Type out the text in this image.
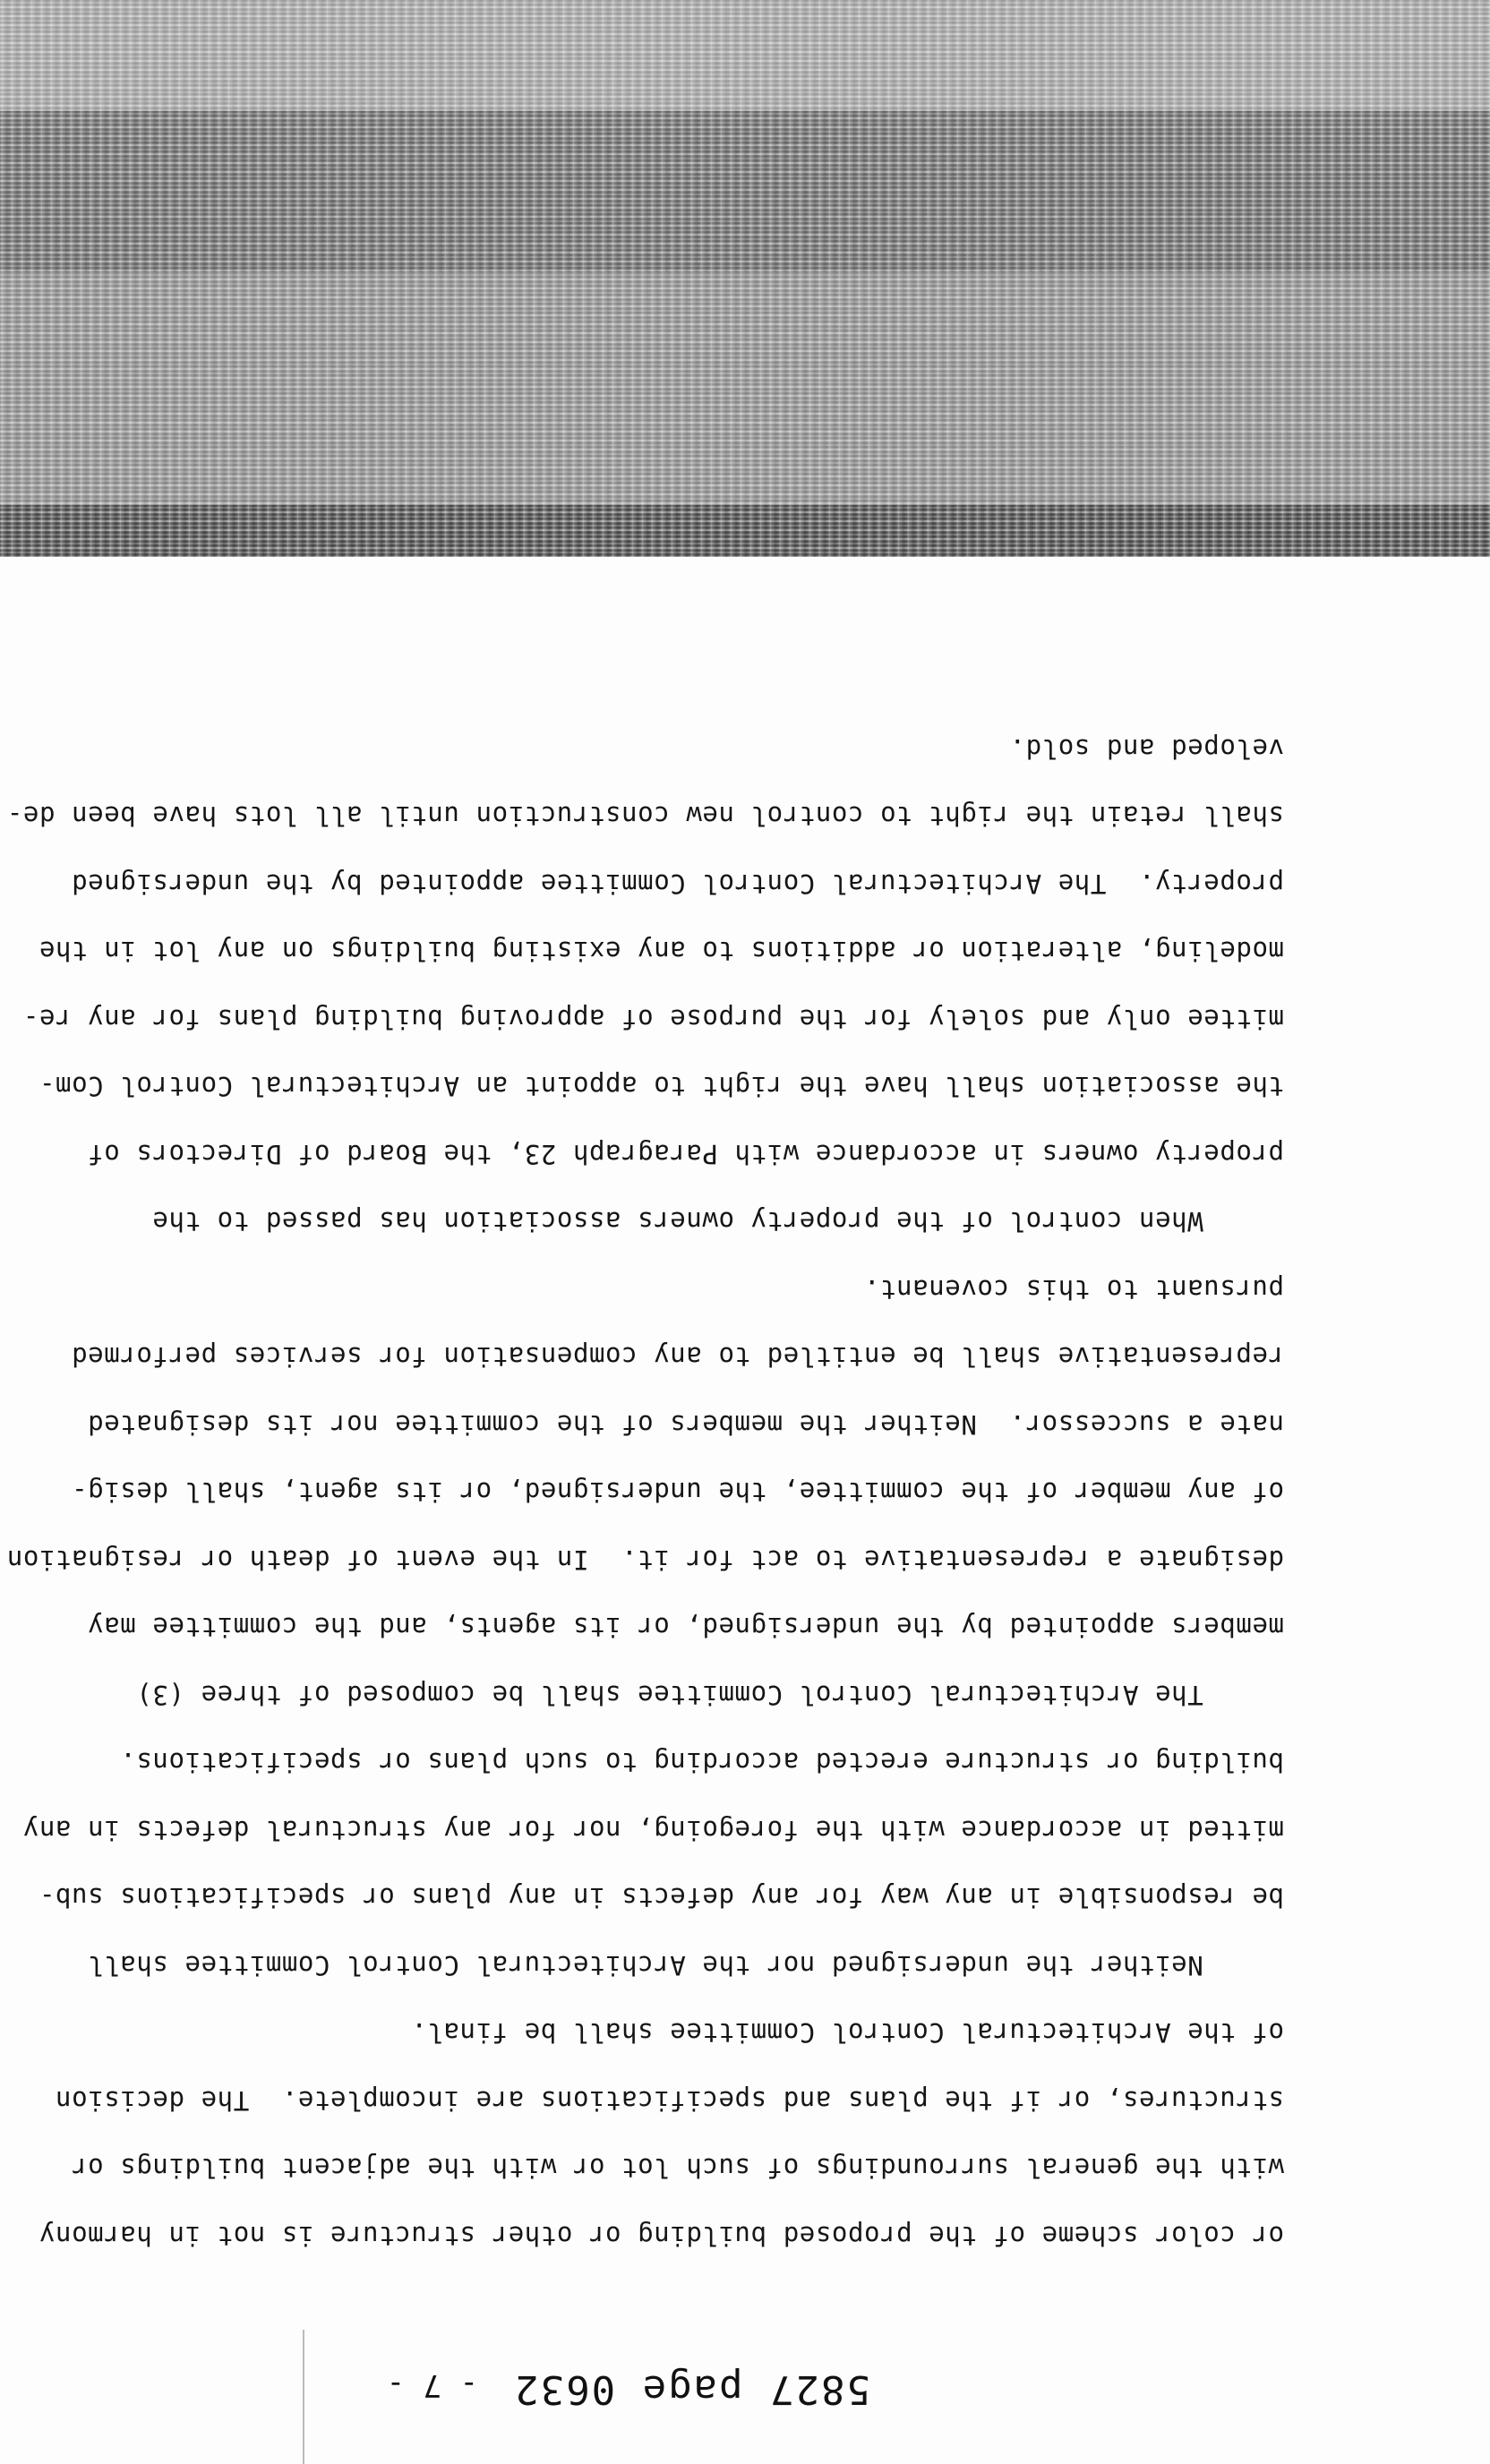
5827 page 0632
- 7 -

or color scheme of the proposed building or other structure is not in harmony

with the general surroundings of such lot or with the adjacent buildings or

structures, or if the plans and specifications are incomplete.  The decision

of the Architectural Control Committee shall be final.

Neither the undersigned nor the Architectural Control Committee shall

be responsible in any way for any defects in any plans or specifications sub-

mitted in accordance with the foregoing, nor for any structural defects in any

building or structure erected according to such plans or specifications.

The Architectural Control Committee shall be composed of three (3)

members appointed by the undersigned, or its agents, and the committee may

designate a representative to act for it.  In the event of death or resignation

of any member of the committee, the undersigned, or its agent, shall desig-

nate a successor.  Neither the members of the committee nor its designated

representative shall be entitled to any compensation for services performed

pursuant to this covenant.

When control of the property owners association has passed to the

property owners in accordance with Paragraph 23, the Board of Directors of

the association shall have the right to appoint an Architectural Control Com-

mittee only and solely for the purpose of approving building plans for any re-

modeling, alteration or additions to any existing buildings on any lot in the

property.  The Architectural Control Committee appointed by the undersigned

shall retain the right to control new construction until all lots have been de-

veloped and sold.
